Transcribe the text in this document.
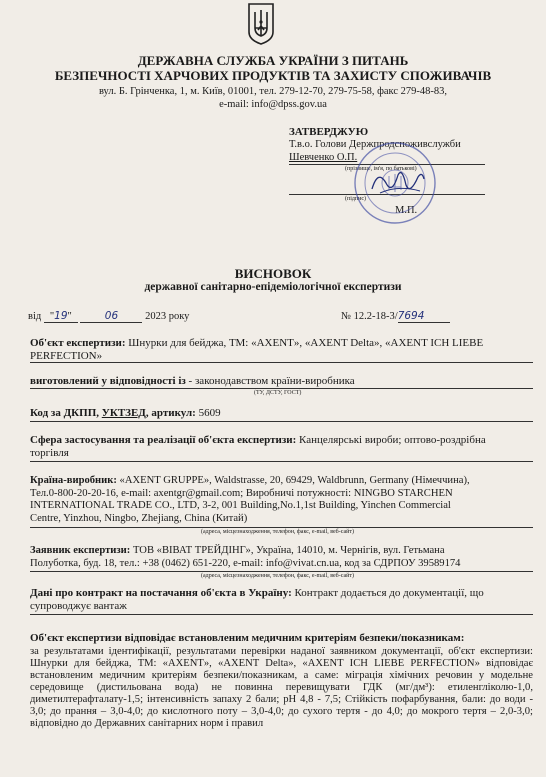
ДЕРЖАВНА СЛУЖБА УКРАЇНИ З ПИТАНЬ
БЕЗПЕЧНОСТІ ХАРЧОВИХ ПРОДУКТІВ ТА ЗАХИСТУ СПОЖИВАЧІВ
вул. Б. Грінченка, 1, м. Київ, 01001, тел. 279-12-70, 279-75-58, факс 279-48-83,
e-mail: info@dpss.gov.ua
ЗАТВЕРДЖУЮ
Т.в.о. Голови Держпродспоживслужби
Шевченко О.П.
(прізвище, ім'я, по батькові)
(підпис)
М.П.
ВИСНОВОК
державної санітарно-епідеміологічної експертизи
від "19"	06	2023 року	№ 12.2-18-3/7694
Об'єкт експертизи: Шнурки для бейджа, ТМ: «AXENT», «AXENT Delta», «AXENT ICH LIEBE
PERFECTION»
виготовлений у відповідності із - законодавством країни-виробника
(ТУ, ДСТУ, ГОСТ)
Код за ДКПП, УКТЗЕД, артикул: 5609
Сфера застосування та реалізації об'єкта експертизи: Канцелярські вироби; оптово-роздрібна
торгівля
Країна-виробник: «AXENT GRUPPE», Waldstrasse, 20, 69429, Waldbrunn, Germany (Німеччина),
Тел.0-800-20-20-16, e-mail: axentgr@gmail.com; Виробничі потужності: NINGBO STARCHEN
INTERNATIONAL TRADE CO., LTD, 3-2, 001 Building,No.1,1st Building, Yinchen Commercial
Centre, Yinzhou, Ningbo, Zhejiang, China (Китай)
(адреса, місцезнаходження, телефон, факс, e-mail, веб-сайт)
Заявник експертизи: ТОВ «ВІВАТ ТРЕЙДІНГ», Україна, 14010, м. Чернігів, вул. Гетьмана
Полуботка, буд. 18, тел.: +38 (0462) 651-220, e-mail: info@vivat.cn.ua, код за СДРПОУ 39589174
(адреса, місцезнаходження, телефон, факс, e-mail, веб-сайт)
Дані про контракт на постачання об'єкта в Україну: Контракт додається до документації, що
супроводжує вантаж
Об'єкт експертизи відповідає встановленим медичним критеріям безпеки/показникам:
за результатами ідентифікації, результатами перевірки наданої заявником документації, об'єкт експертизи: Шнурки для бейджа, ТМ: «AXENT», «AXENT Delta», «AXENT ICH LIEBE PERFECTION» відповідає встановленим медичним критеріям безпеки/показникам, а саме: міграція хімічних речовин у модельне середовище (дистильована вода) не повинна перевищувати ГДК (мг/дм³): етиленгліколю-1,0, диметилтерафталату-1,5; інтенсивність запаху 2 бали; pH 4,8 - 7,5; Стійкість пофарбування, бали: до води - 3,0; до прання – 3,0-4,0; до кислотного поту – 3,0-4,0; до сухого тертя - до 4,0; до мокрого тертя – 2,0-3,0; відповідно до Державних санітарних норм і правил
